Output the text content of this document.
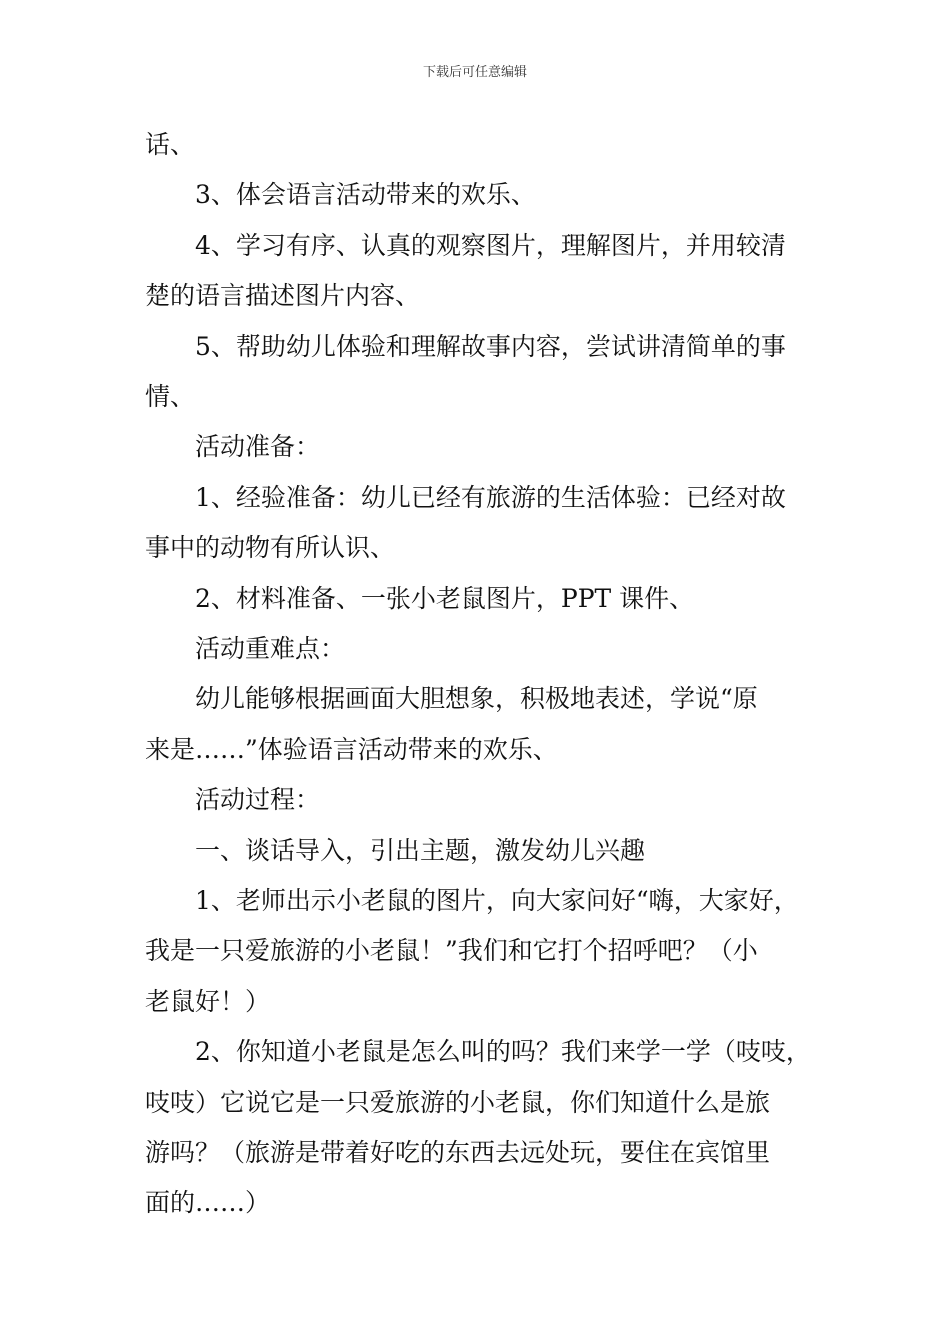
下载后可任意编辑
话、
3、体会语言活动带来的欢乐、
4、学习有序、认真的观察图片，理解图片，并用较清
楚的语言描述图片内容、
5、帮助幼儿体验和理解故事内容，尝试讲清简单的事
情、
活动准备：
1、经验准备：幼儿已经有旅游的生活体验：已经对故
事中的动物有所认识、
2、材料准备、一张小老鼠图片，PPT 课件、
活动重难点：
幼儿能够根据画面大胆想象，积极地表述，学说“原
来是……”体验语言活动带来的欢乐、
活动过程：
一、谈话导入，引出主题，激发幼儿兴趣
1、老师出示小老鼠的图片，向大家问好“嗨，大家好，
我是一只爱旅游的小老鼠！”我们和它打个招呼吧？（小
老鼠好！）
2、你知道小老鼠是怎么叫的吗？我们来学一学（吱吱，
吱吱）它说它是一只爱旅游的小老鼠，你们知道什么是旅
游吗？（旅游是带着好吃的东西去远处玩，要住在宾馆里
面的……）
